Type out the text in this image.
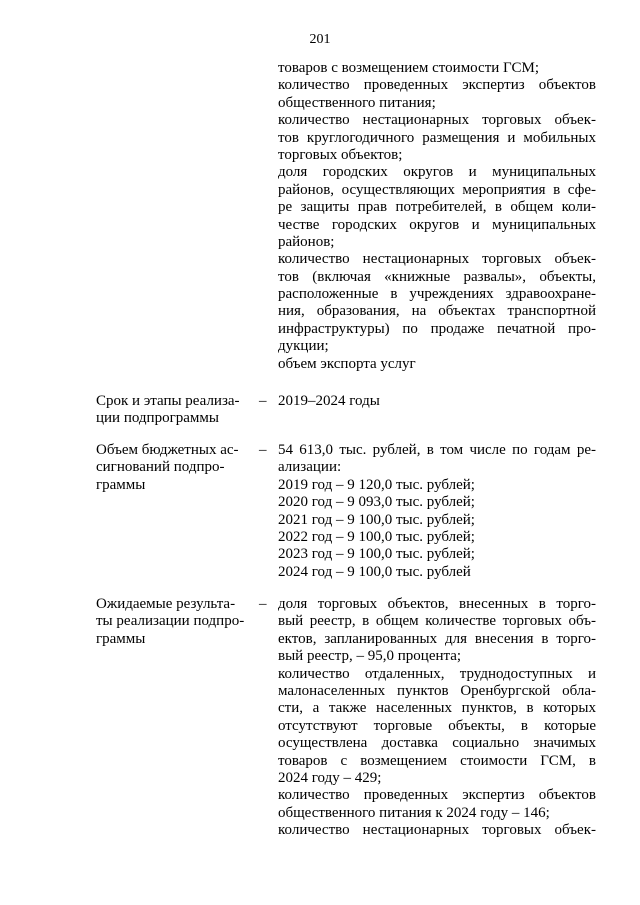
201
товаров с возмещением стоимости ГСМ;
количество проведенных экспертиз объектов
общественного питания;
количество нестационарных торговых объек-
тов круглогодичного размещения и мобильных
торговых объектов;
доля городских округов и муниципальных
районов, осуществляющих мероприятия в сфе-
ре защиты прав потребителей, в общем коли-
честве городских округов и муниципальных
районов;
количество нестационарных торговых объек-
тов (включая «книжные развалы», объекты,
расположенные в учреждениях здравоохране-
ния, образования, на объектах транспортной
инфраструктуры) по продаже печатной про-
дукции;
объем экспорта услуг
Срок и этапы реализа-
ции подпрограммы
– 2019–2024 годы
Объем бюджетных ас-
сигнований подпро-
граммы
– 54 613,0 тыс. рублей, в том числе по годам ре-
ализации:
2019 год – 9 120,0 тыс. рублей;
2020 год – 9 093,0 тыс. рублей;
2021 год – 9 100,0 тыс. рублей;
2022 год – 9 100,0 тыс. рублей;
2023 год – 9 100,0 тыс. рублей;
2024 год – 9 100,0 тыс. рублей
Ожидаемые результа-
ты реализации подпро-
граммы
– доля торговых объектов, внесенных в торго-
вый реестр, в общем количестве торговых объ-
ектов, запланированных для внесения в торго-
вый реестр, – 95,0 процента;
количество отдаленных, труднодоступных и
малонаселенных пунктов Оренбургской обла-
сти, а также населенных пунктов, в которых
отсутствуют торговые объекты, в которые
осуществлена доставка социально значимых
товаров с возмещением стоимости ГСМ, в
2024 году – 429;
количество проведенных экспертиз объектов
общественного питания к 2024 году – 146;
количество нестационарных торговых объек-
